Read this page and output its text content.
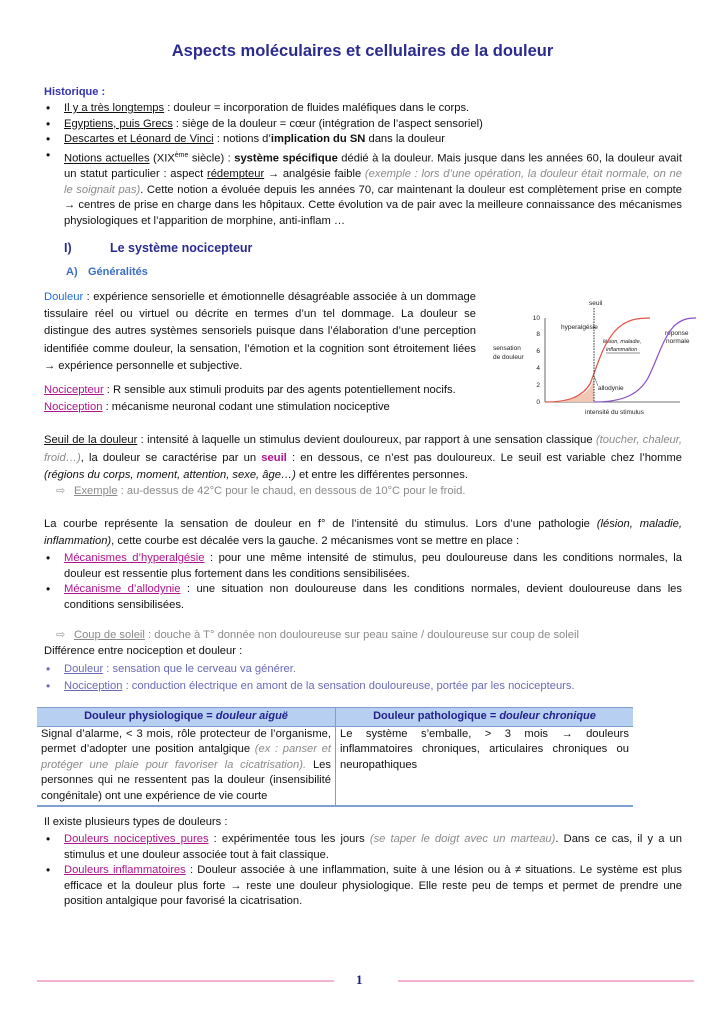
Aspects moléculaires et cellulaires de la douleur
Historique :
• Il y a très longtemps : douleur = incorporation de fluides maléfiques dans le corps.
• Egyptiens, puis Grecs : siège de la douleur = cœur (intégration de l’aspect sensoriel)
• Descartes et Léonard de Vinci : notions d’implication du SN dans la douleur
• Notions actuelles (XIXème siècle) : système spécifique dédié à la douleur. Mais jusque dans les années 60, la douleur avait un statut particulier : aspect rédempteur → analgésie faible (exemple : lors d’une opération, la douleur était normale, on ne le soignait pas). Cette notion a évoluée depuis les années 70, car maintenant la douleur est complètement prise en compte → centres de prise en charge dans les hôpitaux. Cette évolution va de pair avec la meilleure connaissance des mécanismes physiologiques et l’apparition de morphine, anti-inflam …
I)	Le système nocicepteur
A) Généralités
Douleur : expérience sensorielle et émotionnelle désagréable associée à un dommage tissulaire réel ou virtuel ou décrite en termes d’un tel dommage. La douleur se distingue des autres systèmes sensoriels puisque dans l’élaboration d’une perception identifiée comme douleur, la sensation, l’émotion et la cognition sont étroitement liées → expérience personnelle et subjective.
Nocicepteur : R sensible aux stimuli produits par des agents potentiellement nocifs.
Nociception : mécanisme neuronal codant une stimulation nociceptive	0
2
4
6
8
10
sensation
de douleur
seuil
hyperalgésie
allodynie
réponse
normale
intensité du stimulus
lésion, maladie,
inflammation
Seuil de la douleur : intensité à laquelle un stimulus devient douloureux, par rapport à une sensation classique (toucher, chaleur, froid…), la douleur se caractérise par un seuil : en dessous, ce n’est pas douloureux. Le seuil est variable chez l’homme (régions du corps, moment, attention, sexe, âge…) et entre les différentes personnes.
⇨ Exemple : au-dessus de 42°C pour le chaud, en dessous de 10°C pour le froid.
La courbe représente la sensation de douleur en f° de l’intensité du stimulus. Lors d’une pathologie (lésion, maladie, inflammation), cette courbe est décalée vers la gauche. 2 mécanismes vont se mettre en place :
• Mécanismes d’hyperalgésie : pour une même intensité de stimulus, peu douloureuse dans les conditions normales, la douleur est ressentie plus fortement dans les conditions sensibilisées.
• Mécanisme d’allodynie : une situation non douloureuse dans les conditions normales, devient douloureuse dans les conditions sensibilisées.
⇨ Coup de soleil : douche à T° donnée non douloureuse sur peau saine / douloureuse sur coup de soleil
Différence entre nociception et douleur :
• Douleur : sensation que le cerveau va générer.
• Nociception : conduction électrique en amont de la sensation douloureuse, portée par les nocicepteurs.
Douleur physiologique = douleur aiguë	Douleur pathologique = douleur chronique
Signal d’alarme, < 3 mois, rôle protecteur de l’organisme, permet d’adopter une position antalgique (ex : panser et protéger une plaie pour favoriser la cicatrisation). Les personnes qui ne ressentent pas la douleur (insensibilité congénitale) ont une expérience de vie courte	Le système s’emballe, > 3 mois → douleurs inflammatoires chroniques, articulaires chroniques ou neuropathiques
Il existe plusieurs types de douleurs :
• Douleurs nociceptives pures : expérimentée tous les jours (se taper le doigt avec un marteau). Dans ce cas, il y a un stimulus et une douleur associée tout à fait classique.
• Douleurs inflammatoires : Douleur associée à une inflammation, suite à une lésion ou à ≠ situations. Le système est plus efficace et la douleur plus forte → reste une douleur physiologique. Elle reste peu de temps et permet de prendre une position antalgique pour favorisé la cicatrisation.
1
